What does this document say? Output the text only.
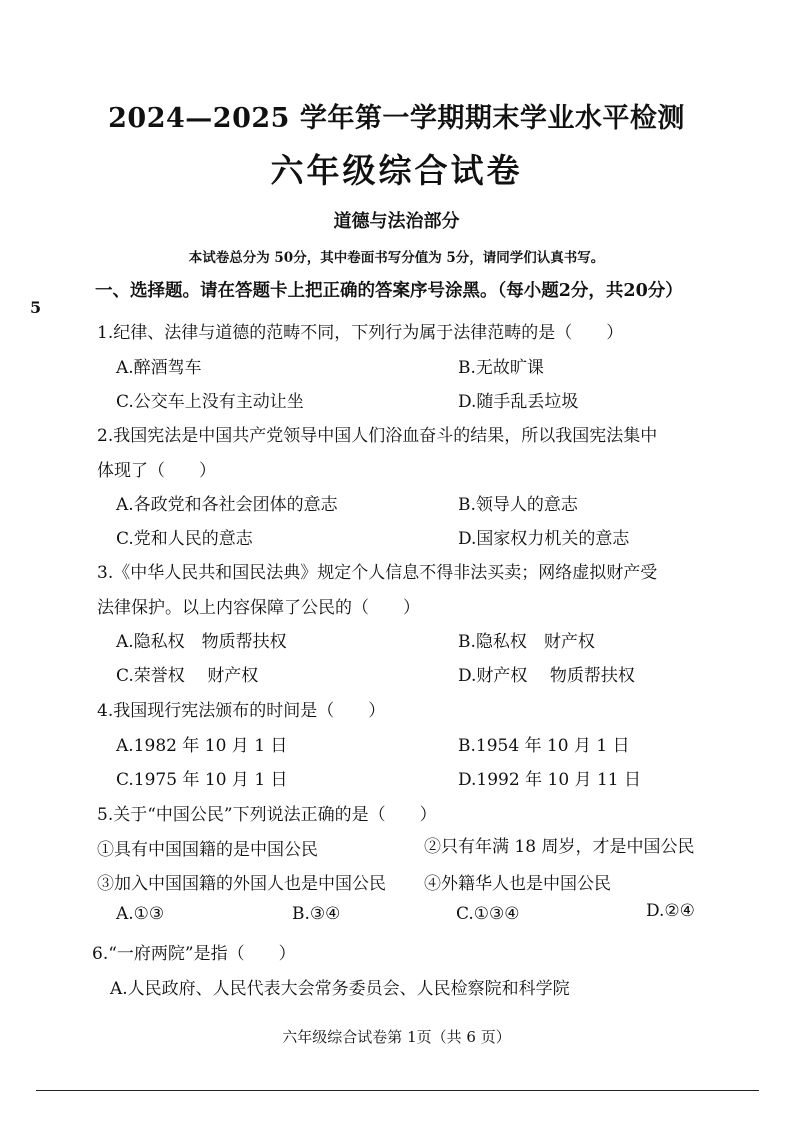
2024—2025 学年第一学期期末学业水平检测
六年级综合试卷
道德与法治部分
本试卷总分为 50分，其中卷面书写分值为 5分，请同学们认真书写。
5
一、选择题。请在答题卡上把正确的答案序号涂黑。（每小题2分，共20分）
1.纪律、法律与道德的范畴不同，下列行为属于法律范畴的是（　　）
A.醉酒驾车	B.无故旷课
C.公交车上没有主动让坐	D.随手乱丢垃圾
2.我国宪法是中国共产党领导中国人们浴血奋斗的结果，所以我国宪法集中
体现了（　　）
A.各政党和各社会团体的意志	B.领导人的意志
C.党和人民的意志	D.国家权力机关的意志
3.《中华人民共和国民法典》规定个人信息不得非法买卖；网络虚拟财产受
法律保护。以上内容保障了公民的（　　）
A.隐私权　物质帮扶权	B.隐私权　财产权
C.荣誉权　 财产权	D.财产权　 物质帮扶权
4.我国现行宪法颁布的时间是（　　）
A.1982 年 10 月 1 日	B.1954 年 10 月 1 日
C.1975 年 10 月 1 日	D.1992 年 10 月 11 日
5.关于“中国公民”下列说法正确的是（　　）
①具有中国国籍的是中国公民	②只有年满 18 周岁，才是中国公民
③加入中国国籍的外国人也是中国公民 ④外籍华人也是中国公民
A.①③	B.③④	C.①③④	D.②④
6.“一府两院”是指（　　）
A.人民政府、人民代表大会常务委员会、人民检察院和科学院
六年级综合试卷第 1页（共 6 页）
